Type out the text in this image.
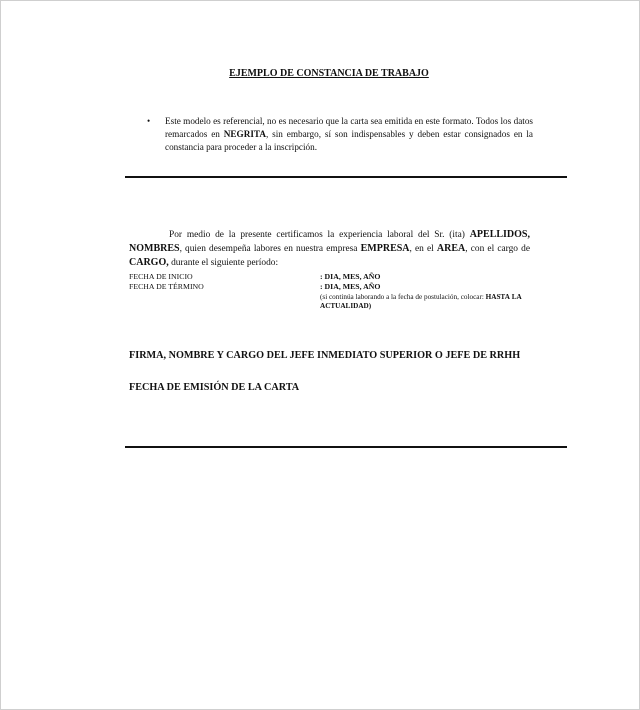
EJEMPLO DE CONSTANCIA DE TRABAJO
• Este modelo es referencial, no es necesario que la carta sea emitida en este formato. Todos los datos remarcados en NEGRITA, sin embargo, sí son indispensables y deben estar consignados en la constancia para proceder a la inscripción.
Por medio de la presente certificamos la experiencia laboral del Sr. (ita) APELLIDOS, NOMBRES, quien desempeña labores en nuestra empresa EMPRESA, en el AREA, con el cargo de CARGO, durante el siguiente período:
FECHA DE INICIO	: DIA, MES, AÑO
FECHA DE TÉRMINO	: DIA, MES, AÑO
(si continúa laborando a la fecha de postulación, colocar: HASTA LA ACTUALIDAD)
FIRMA, NOMBRE Y CARGO DEL JEFE INMEDIATO SUPERIOR O JEFE DE RRHH
FECHA DE EMISIÓN DE LA CARTA
